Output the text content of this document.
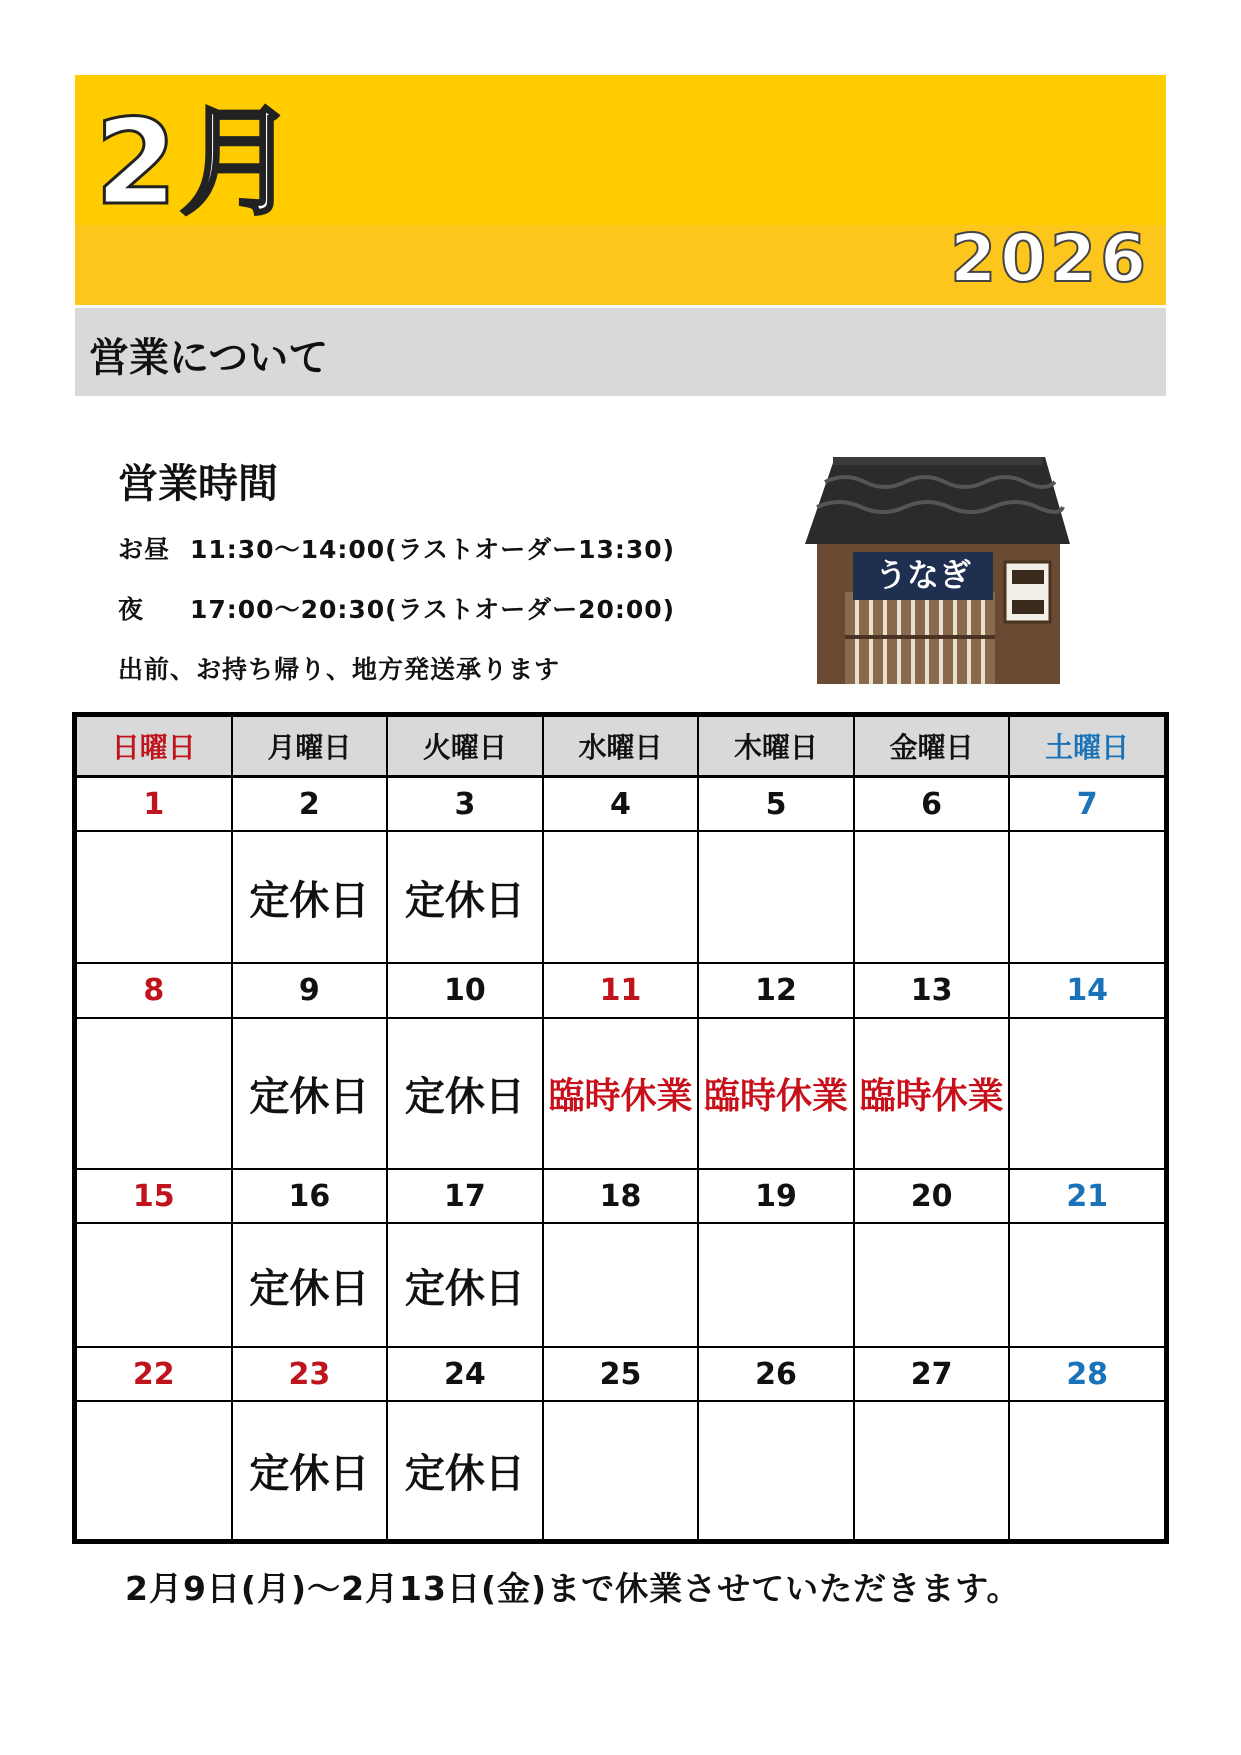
2月
2026
営業について
営業時間
お昼 11:30～14:00(ラストオーダー13:30)
夜 17:00～20:30(ラストオーダー20:00)
出前、お持ち帰り、地方発送承ります
うなぎ
日曜日	月曜日	火曜日	水曜日	木曜日	金曜日	土曜日
1	2	3	4	5	6	7
	定休日	定休日				
8	9	10	11	12	13	14
	定休日	定休日	臨時休業	臨時休業	臨時休業	
15	16	17	18	19	20	21
	定休日	定休日				
22	23	24	25	26	27	28
	定休日	定休日				
2月9日(月)～2月13日(金)まで休業させていただきます。
